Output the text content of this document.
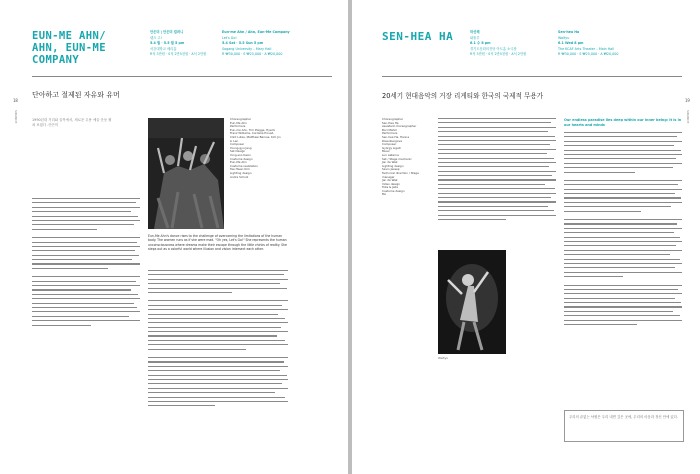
EUN-ME AHN/ AHN, EUN-ME COMPANY
안은미 | 안은미 컴퍼니
렛츠 고!
5.4 월 · 5.5 월 5 pm
서강대학교 메리홀
R석 3만원 · S석 2만5천원 · A석 2만원
Eun-me Ahn / Ahn, Eun-Me Company
Let's Go!
5.4 Sat · 5.5 Sun 5 pm
Sogang University – Mary Hall
R ₩30,000 · S ₩25,000 · A ₩20,000
단아하고 절제된 자유와 유머
SIDANCE
18
1990년대 거리와 골목에서, 새로운 무용 예술 운동 펼쳐 보였다 -안은미
Choreographer
Eun-Me Ahn
Performers
Eun-me Ahn, Tim Plegge, Hyemi
Franz Williams, Cordelia Proust,
Clint Lutes, Matthew Barnes, Kim Jin
Li Lan
Composer
Young-gyu Jang
Set Design
Yong-soo Kwon
Costume design
Eun-Me Ahn
Costume realization
Tae Hwan Kim
Lighting design
Andre Schulz
Eun-Me Ahn's dance rises to the challenge of overcoming the limitations of the human body. The women runs as if she were mad. "Oh yes, Let's Go!" She represents the human unconsciousness where dreams make their escape through the little chinks of reality. She steps out as a colorful world where illusion and vision intersect each other.
SEN-HEA HA	하선해
와툴루
6.1 수 8 pm
경기도문화의전당 아트홀 소극장
R석 3만원 · S석 2만5천원 · A석 2만원
Sen-hea Ha
Waltyu
6.1 Wed 8 pm
The KCAF Arts Theater – Main Hall
R ₩30,000 · S ₩25,000 · A ₩20,000
20세기 현대음악의 거장 리게티와 한국의 국제적 무용가
SIDANCE
19
Choreographer
Sen-Hea Ha
Assistant choreographer
Bori Mahm
Performers
Sen-hea Ha, Hanna
Rosenbergova
Composer
György Ligeti
Music
Lux Aeterna
Set / Stage mechanic
Jan de Wak
Lighting design
Sevin Jessep
Technical direction / Stage manager
Jan de Wak
Video design
Tobs & Jelle
Costume design
Mo
Waltyu
Our endless paradise lies deep within our inner being: it is in our hearts and minds
우리의 끝없는 낙원은 우리 내면 깊은 곳에, 우리의 마음과 정신 안에 있다.
